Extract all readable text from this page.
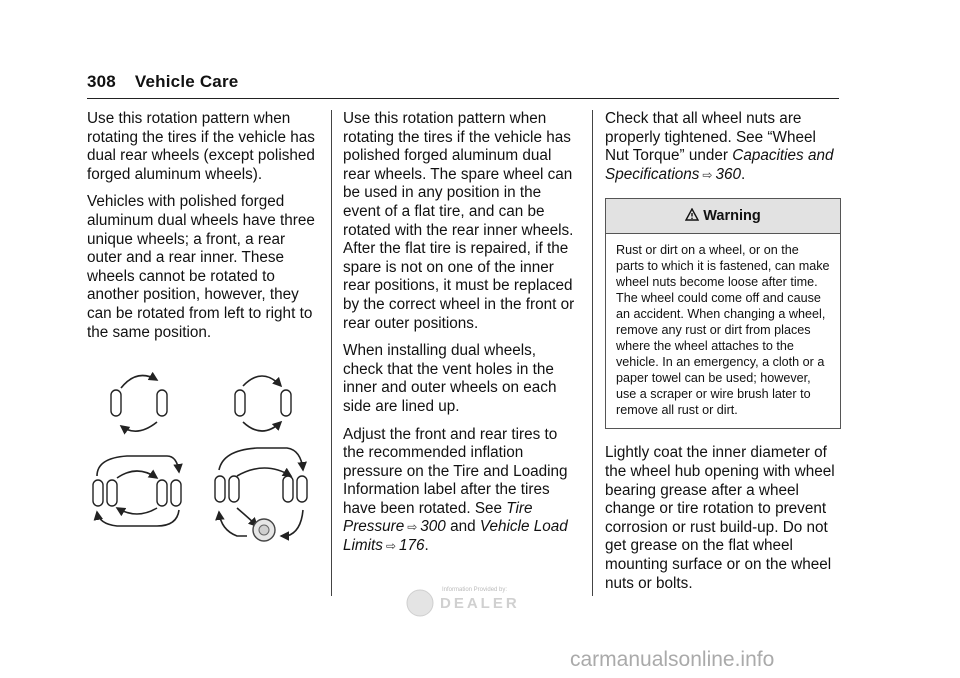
308 Vehicle Care

Use this rotation pattern when rotating the tires if the vehicle has dual rear wheels (except polished forged aluminum wheels).

Vehicles with polished forged aluminum dual wheels have three unique wheels; a front, a rear outer and a rear inner. These wheels cannot be rotated to another position, however, they can be rotated from left to right to the same position.

Use this rotation pattern when rotating the tires if the vehicle has polished forged aluminum dual rear wheels. The spare wheel can be used in any position in the event of a flat tire, and can be rotated with the rear inner wheels. After the flat tire is repaired, if the spare is not on one of the inner rear positions, it must be replaced by the correct wheel in the front or rear outer positions.

When installing dual wheels, check that the vent holes in the inner and outer wheels on each side are lined up.

Adjust the front and rear tires to the recommended inflation pressure on the Tire and Loading Information label after the tires have been rotated. See Tire Pressure ⇨ 300 and Vehicle Load Limits ⇨ 176.

Check that all wheel nuts are properly tightened. See “Wheel Nut Torque” under Capacities and Specifications ⇨ 360.

Warning
Rust or dirt on a wheel, or on the parts to which it is fastened, can make wheel nuts become loose after time. The wheel could come off and cause an accident. When changing a wheel, remove any rust or dirt from places where the wheel attaches to the vehicle. In an emergency, a cloth or a paper towel can be used; however, use a scraper or wire brush later to remove all rust or dirt.

Lightly coat the inner diameter of the wheel hub opening with wheel bearing grease after a wheel change or tire rotation to prevent corrosion or rust build-up. Do not get grease on the flat wheel mounting surface or on the wheel nuts or bolts.

Information Provided by:
DEALER
carmanualsonline.info
